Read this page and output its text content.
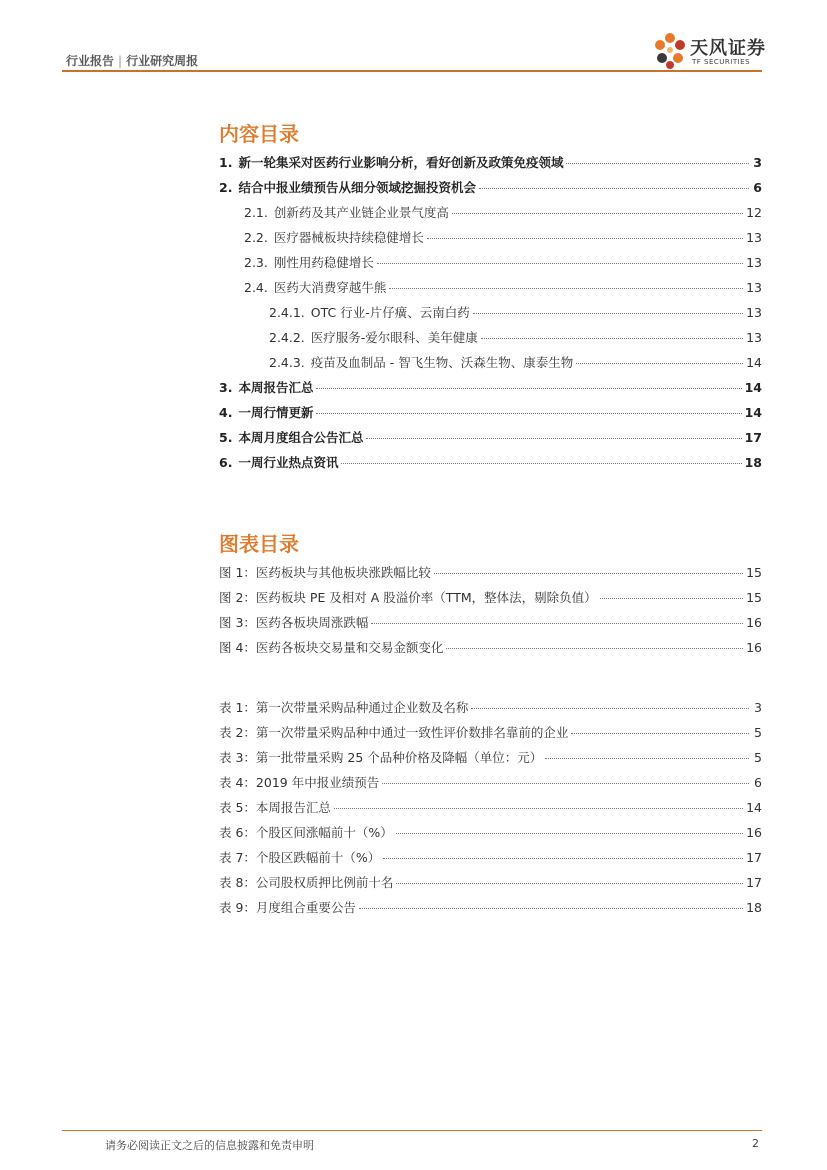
行业报告 | 行业研究周报
天风证券
TF SECURITIES
内容目录
1. 新一轮集采对医药行业影响分析，看好创新及政策免疫领域	3
2. 结合中报业绩预告从细分领域挖掘投资机会	6
2.1. 创新药及其产业链企业景气度高	12
2.2. 医疗器械板块持续稳健增长	13
2.3. 刚性用药稳健增长	13
2.4. 医药大消费穿越牛熊	13
2.4.1. OTC 行业-片仔癀、云南白药	13
2.4.2. 医疗服务-爱尔眼科、美年健康	13
2.4.3. 疫苗及血制品 - 智飞生物、沃森生物、康泰生物	14
3. 本周报告汇总	14
4. 一周行情更新	14
5. 本周月度组合公告汇总	17
6. 一周行业热点资讯	18
图表目录
图 1：医药板块与其他板块涨跌幅比较	15
图 2：医药板块 PE 及相对 A 股溢价率（TTM，整体法，剔除负值）	15
图 3：医药各板块周涨跌幅	16
图 4：医药各板块交易量和交易金额变化	16
表 1：第一次带量采购品种通过企业数及名称	3
表 2：第一次带量采购品种中通过一致性评价数排名靠前的企业	5
表 3：第一批带量采购 25 个品种价格及降幅（单位：元）	5
表 4：2019 年中报业绩预告	6
表 5：本周报告汇总	14
表 6：个股区间涨幅前十（%）	16
表 7：个股区跌幅前十（%）	17
表 8：公司股权质押比例前十名	17
表 9：月度组合重要公告	18
请务必阅读正文之后的信息披露和免责申明	2
